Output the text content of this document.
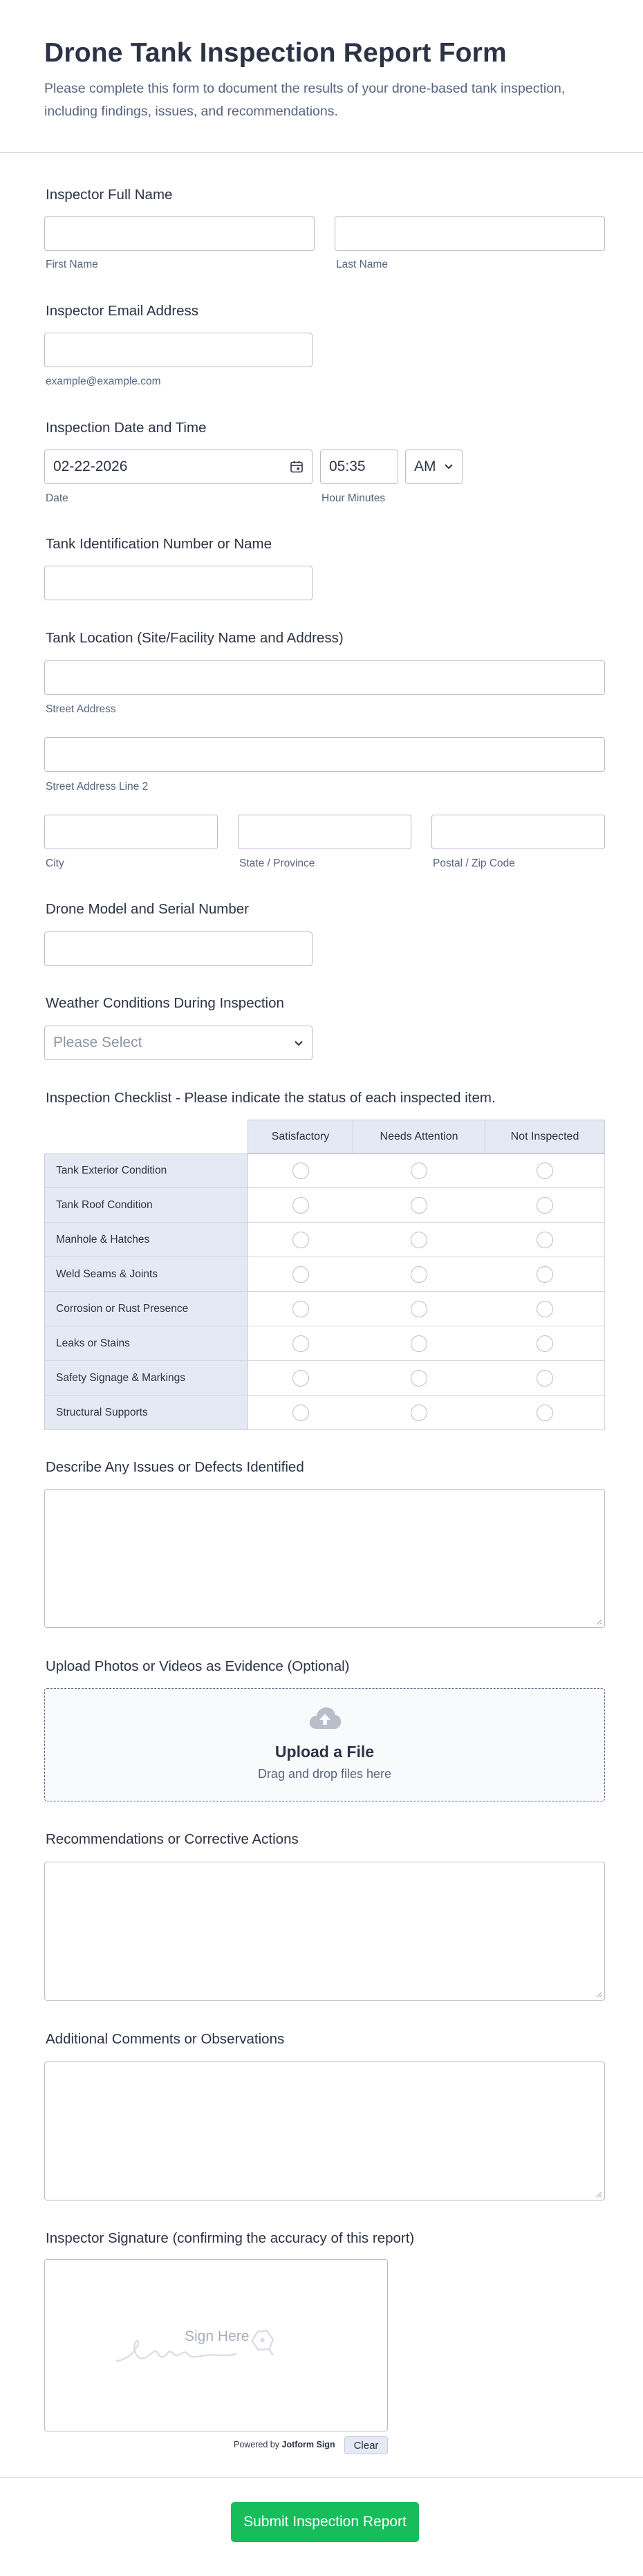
Drone Tank Inspection Report Form

Please complete this form to document the results of your drone-based tank inspection, including findings, issues, and recommendations.

Inspector Full Name
First Name	Last Name
Inspector Email Address
example@example.com
Inspection Date and Time
02-22-2026
Date
05:35
Hour Minutes
AM
Tank Identification Number or Name
Tank Location (Site/Facility Name and Address)
Street Address
Street Address Line 2
City	State / Province	Postal / Zip Code
Drone Model and Serial Number
Weather Conditions During Inspection
Please Select
Inspection Checklist - Please indicate the status of each inspected item.
Satisfactory	Needs Attention	Not Inspected
Tank Exterior Condition
Tank Roof Condition
Manhole & Hatches
Weld Seams & Joints
Corrosion or Rust Presence
Leaks or Stains
Safety Signage & Markings
Structural Supports
Describe Any Issues or Defects Identified
Upload Photos or Videos as Evidence (Optional)
Upload a File
Drag and drop files here
Recommendations or Corrective Actions
Additional Comments or Observations
Inspector Signature (confirming the accuracy of this report)
Sign Here
Powered by Jotform Sign	Clear
Submit Inspection Report
